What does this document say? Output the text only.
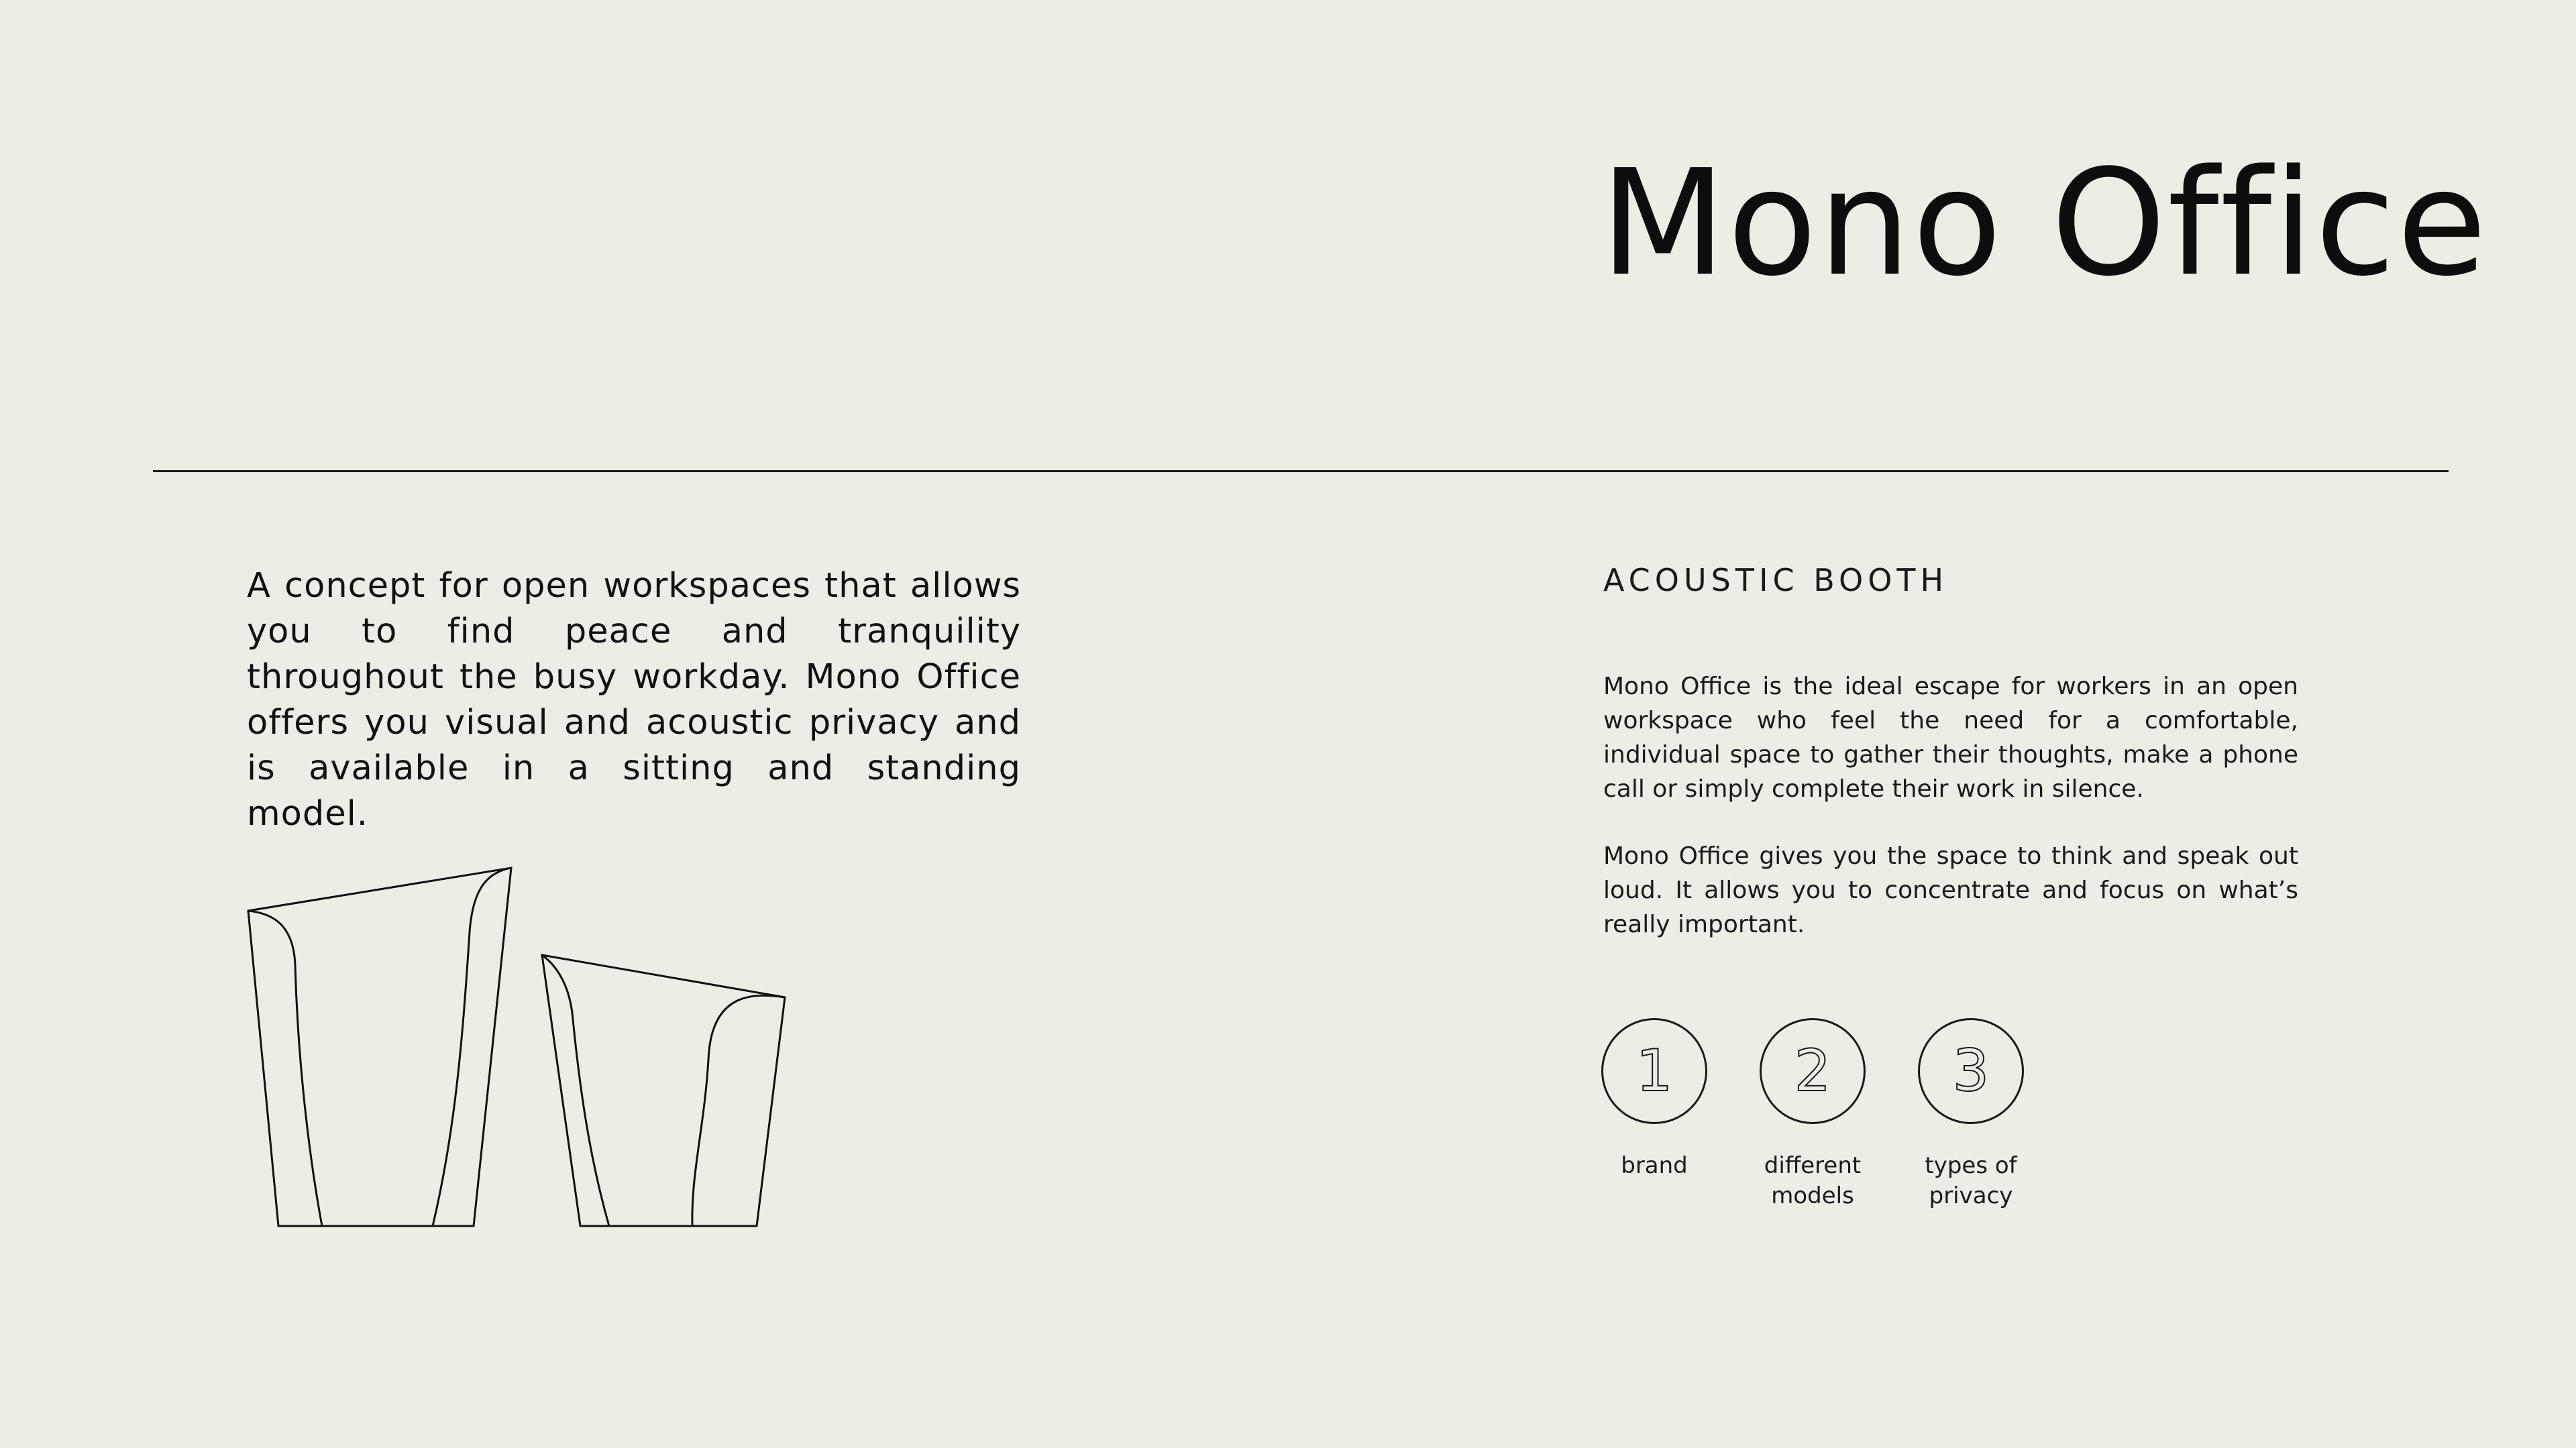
Mono Office

A concept for open workspaces that allows you to find peace and tranquility throughout the busy workday. Mono Office offers you visual and acoustic privacy and is available in a sitting and standing model.

ACOUSTIC BOOTH

Mono Office is the ideal escape for workers in an open workspace who feel the need for a comfortable, individual space to gather their thoughts, make a phone call or simply complete their work in silence.

Mono Office gives you the space to think and speak out loud. It allows you to concentrate and focus on what’s really important.

1
brand
2
different
models
3
types of
privacy
